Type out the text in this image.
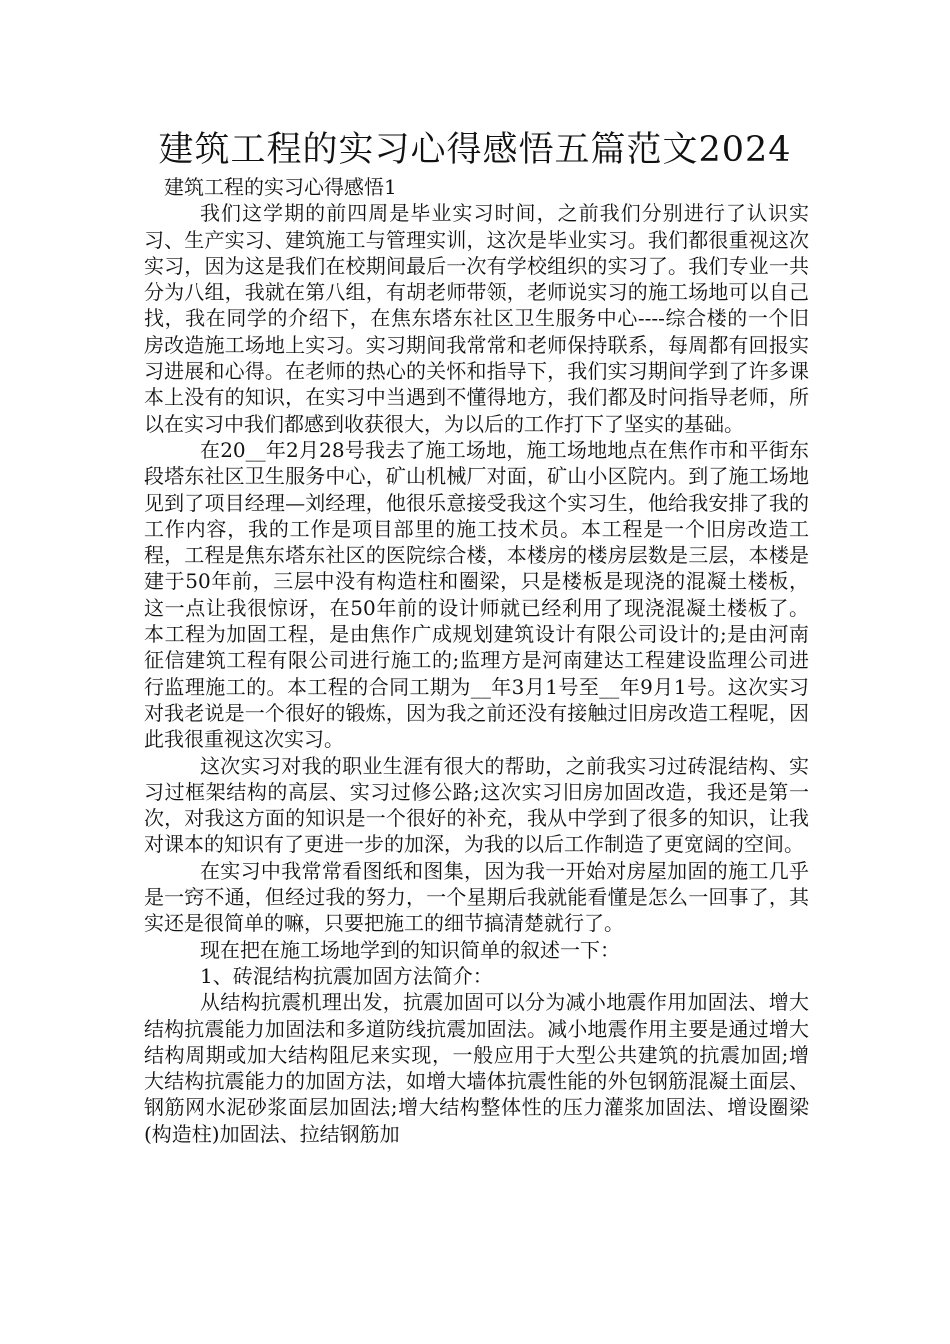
建筑工程的实习心得感悟五篇范文2024

建筑工程的实习心得感悟1

我们这学期的前四周是毕业实习时间，之前我们分别进行了认识实习、生产实习、建筑施工与管理实训，这次是毕业实习。我们都很重视这次实习，因为这是我们在校期间最后一次有学校组织的实习了。我们专业一共分为八组，我就在第八组，有胡老师带领，老师说实习的施工场地可以自己找，我在同学的介绍下，在焦东塔东社区卫生服务中心----综合楼的一个旧房改造施工场地上实习。实习期间我常常和老师保持联系，每周都有回报实习进展和心得。在老师的热心的关怀和指导下，我们实习期间学到了许多课本上没有的知识，在实习中当遇到不懂得地方，我们都及时问指导老师，所以在实习中我们都感到收获很大，为以后的工作打下了坚实的基础。

在20__年2月28号我去了施工场地，施工场地地点在焦作市和平街东段塔东社区卫生服务中心，矿山机械厂对面，矿山小区院内。到了施工场地见到了项目经理—刘经理，他很乐意接受我这个实习生，他给我安排了我的工作内容，我的工作是项目部里的施工技术员。本工程是一个旧房改造工程，工程是焦东塔东社区的医院综合楼，本楼房的楼房层数是三层，本楼是建于50年前，三层中没有构造柱和圈梁，只是楼板是现浇的混凝土楼板，这一点让我很惊讶，在50年前的设计师就已经利用了现浇混凝土楼板了。本工程为加固工程，是由焦作广成规划建筑设计有限公司设计的;是由河南征信建筑工程有限公司进行施工的;监理方是河南建达工程建设监理公司进行监理施工的。本工程的合同工期为__年3月1号至__年9月1号。这次实习对我老说是一个很好的锻炼，因为我之前还没有接触过旧房改造工程呢，因此我很重视这次实习。

这次实习对我的职业生涯有很大的帮助，之前我实习过砖混结构、实习过框架结构的高层、实习过修公路;这次实习旧房加固改造，我还是第一次，对我这方面的知识是一个很好的补充，我从中学到了很多的知识，让我对课本的知识有了更进一步的加深，为我的以后工作制造了更宽阔的空间。

在实习中我常常看图纸和图集，因为我一开始对房屋加固的施工几乎是一窍不通，但经过我的努力，一个星期后我就能看懂是怎么一回事了，其实还是很简单的嘛，只要把施工的细节搞清楚就行了。

现在把在施工场地学到的知识简单的叙述一下：

1、砖混结构抗震加固方法简介：

从结构抗震机理出发，抗震加固可以分为减小地震作用加固法、增大结构抗震能力加固法和多道防线抗震加固法。减小地震作用主要是通过增大结构周期或加大结构阻尼来实现，一般应用于大型公共建筑的抗震加固;增大结构抗震能力的加固方法，如增大墙体抗震性能的外包钢筋混凝土面层、钢筋网水泥砂浆面层加固法;增大结构整体性的压力灌浆加固法、增设圈梁(构造柱)加固法、拉结钢筋加
